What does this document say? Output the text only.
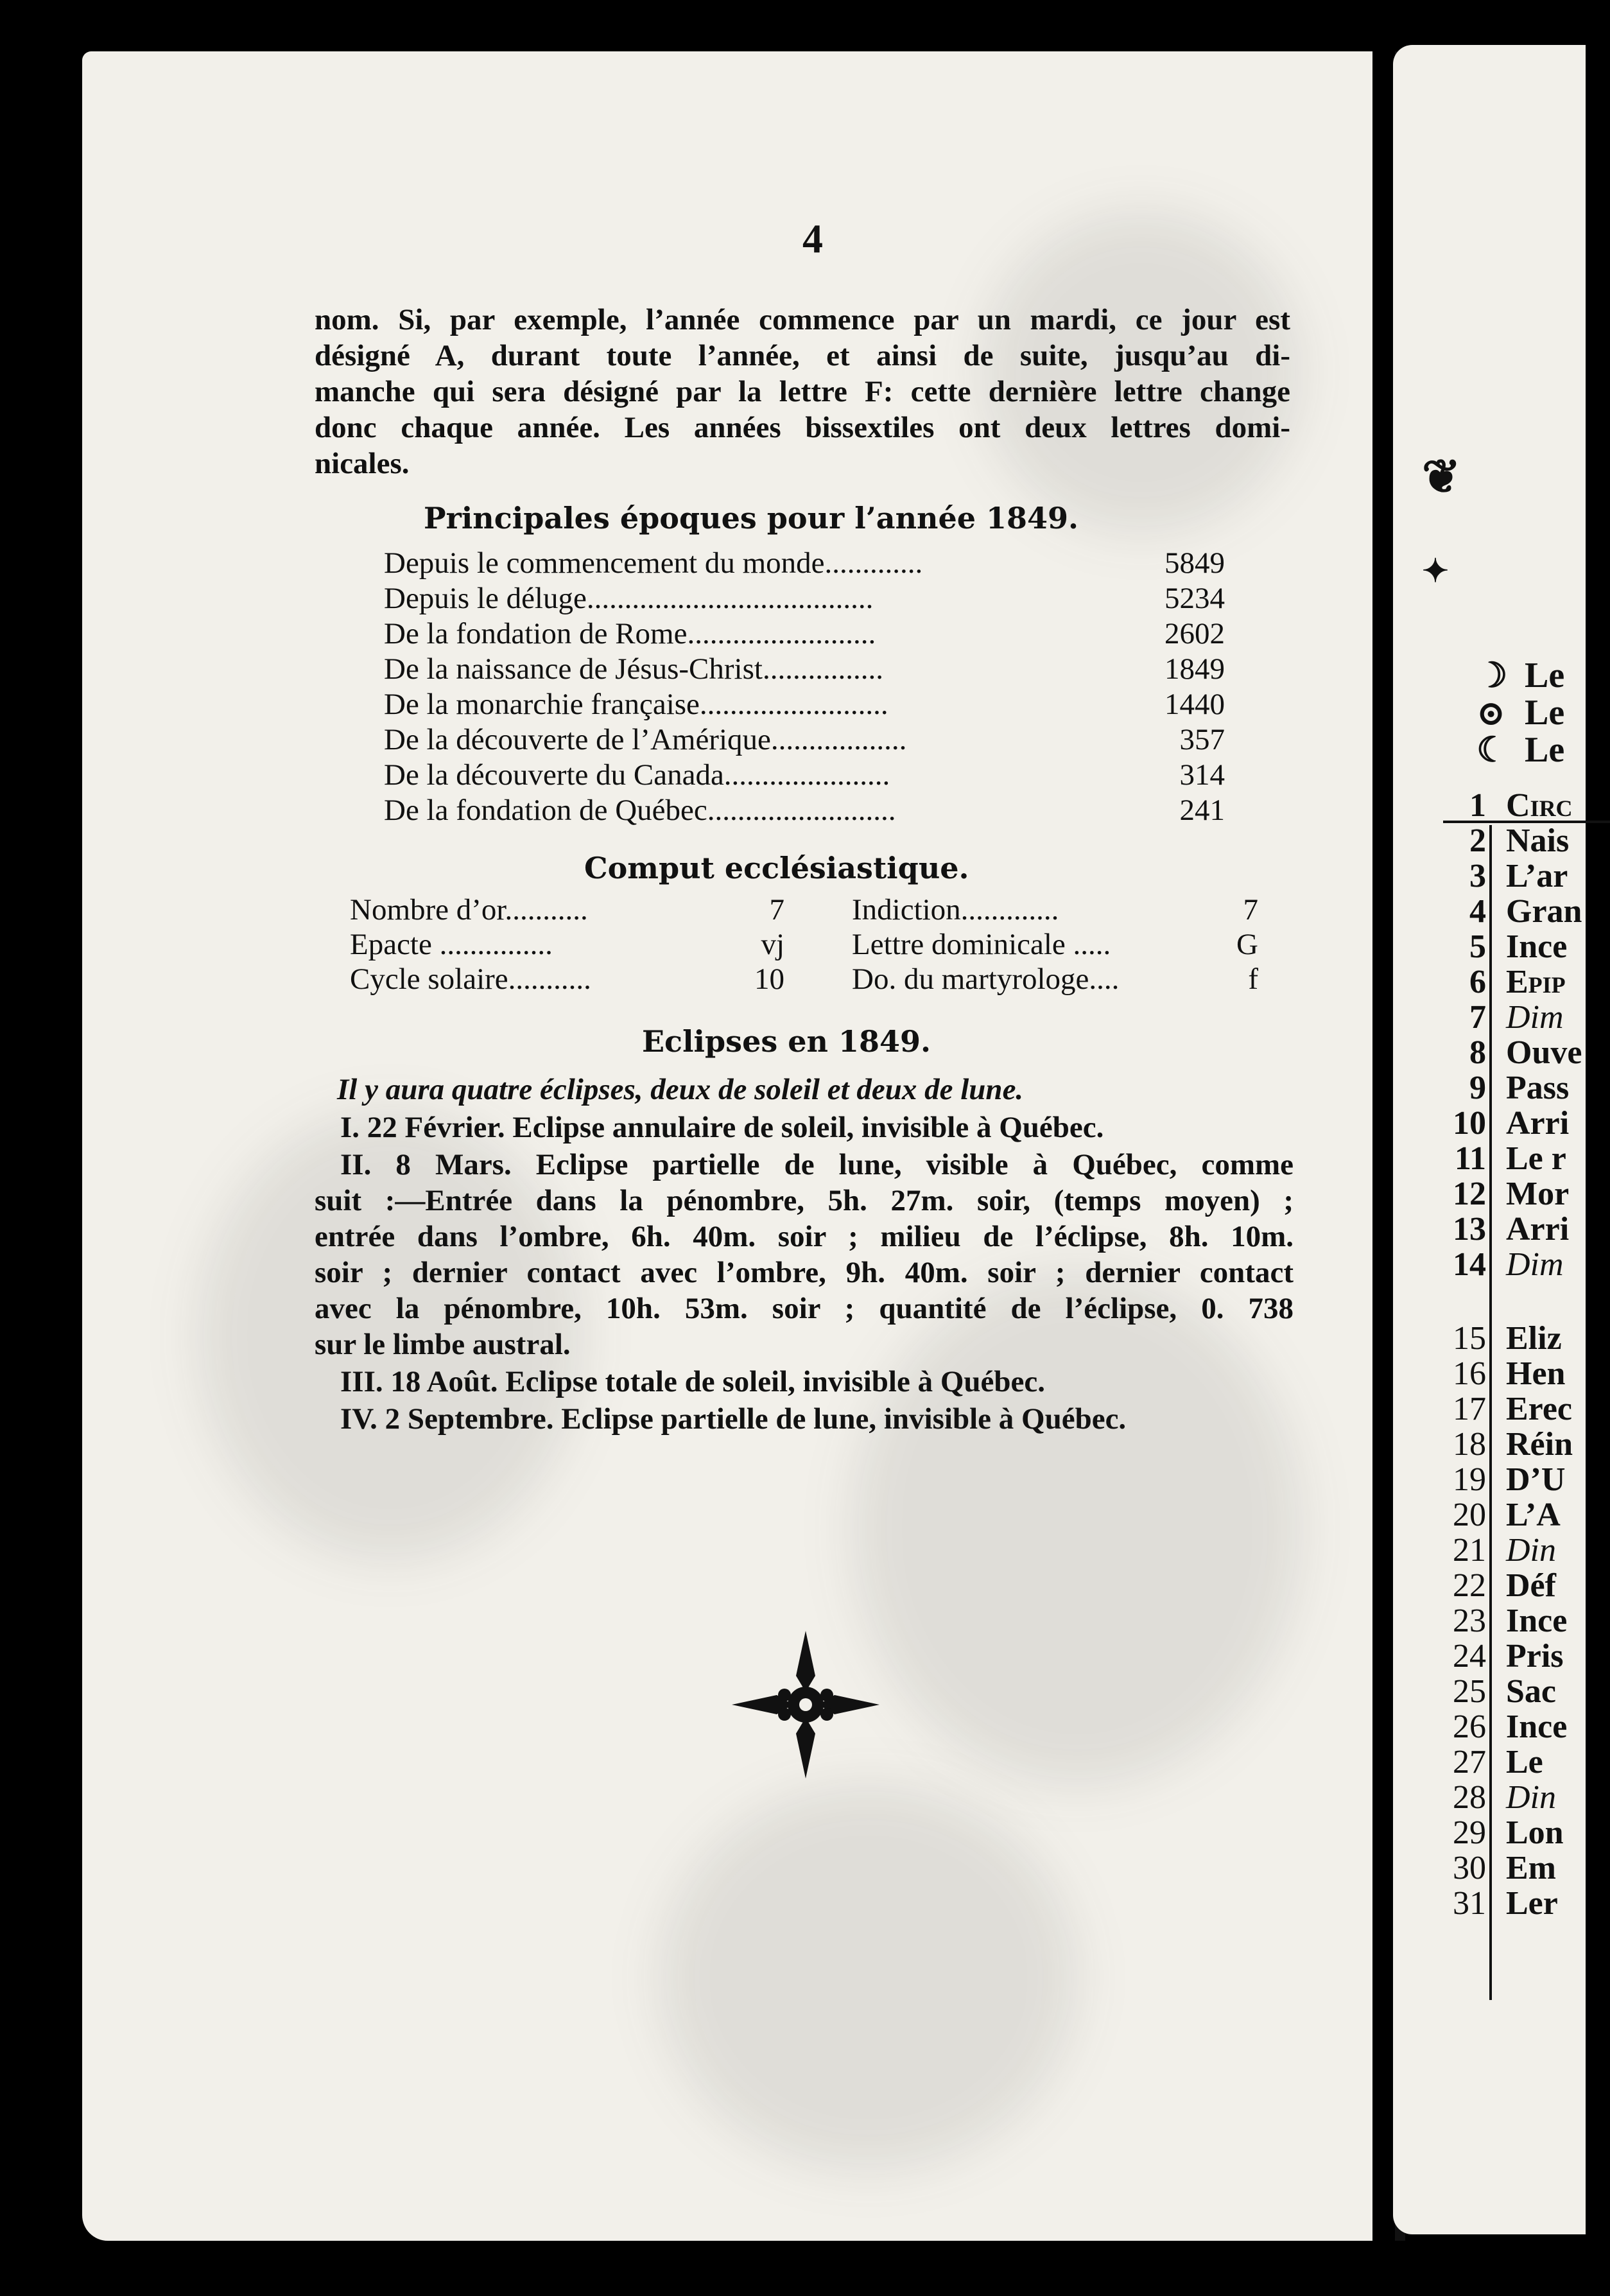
❦
✦
☽ Le
⊙ Le
☾ Le
1 Circ
2 Nais
3 L’ar
4 Gran
5 Ince
6 Epip
7 Dim
8 Ouve
9 Pass
10 Arri
11 Le r
12 Mor
13 Arri
14 Dim
15 Eliz
16 Hen
17 Erec
18 Réin
19 D’U
20 L’A
21 Din
22 Déf
23 Ince
24 Pris
25 Sac
26 Ince
27 Le
28 Din
29 Lon
30 Em
31 Ler
4
nom. Si, par exemple, l’année commence par un mardi, ce jour est
désigné A, durant toute l’année, et ainsi de suite, jusqu’au di-
manche qui sera désigné par la lettre F: cette dernière lettre change
donc chaque année. Les années bissextiles ont deux lettres domi-
nicales.
Principales époques pour l’année 1849.
Depuis le commencement du monde.............	5849
Depuis le déluge......................................	5234
De la fondation de Rome.........................	2602
De la naissance de Jésus-Christ................	1849
De la monarchie française.........................	1440
De la découverte de l’Amérique..................	357
De la découverte du Canada......................	314
De la fondation de Québec.........................	241
Comput ecclésiastique.
Nombre d’or...........	7
Epacte ...............	vj
Cycle solaire...........	10
Indiction.............	7
Lettre dominicale .....	G
Do. du martyrologe....	f
Eclipses en 1849.
Il y aura quatre éclipses, deux de soleil et deux de lune.
I. 22 Février. Eclipse annulaire de soleil, invisible à Québec.
II. 8 Mars. Eclipse partielle de lune, visible à Québec, comme
suit :—Entrée dans la pénombre, 5h. 27m. soir, (temps moyen) ;
entrée dans l’ombre, 6h. 40m. soir ; milieu de l’éclipse, 8h. 10m.
soir ; dernier contact avec l’ombre, 9h. 40m. soir ; dernier contact
avec la pénombre, 10h. 53m. soir ; quantité de l’éclipse, 0. 738
sur le limbe austral.
III. 18 Août. Eclipse totale de soleil, invisible à Québec.
IV. 2 Septembre. Eclipse partielle de lune, invisible à Québec.
